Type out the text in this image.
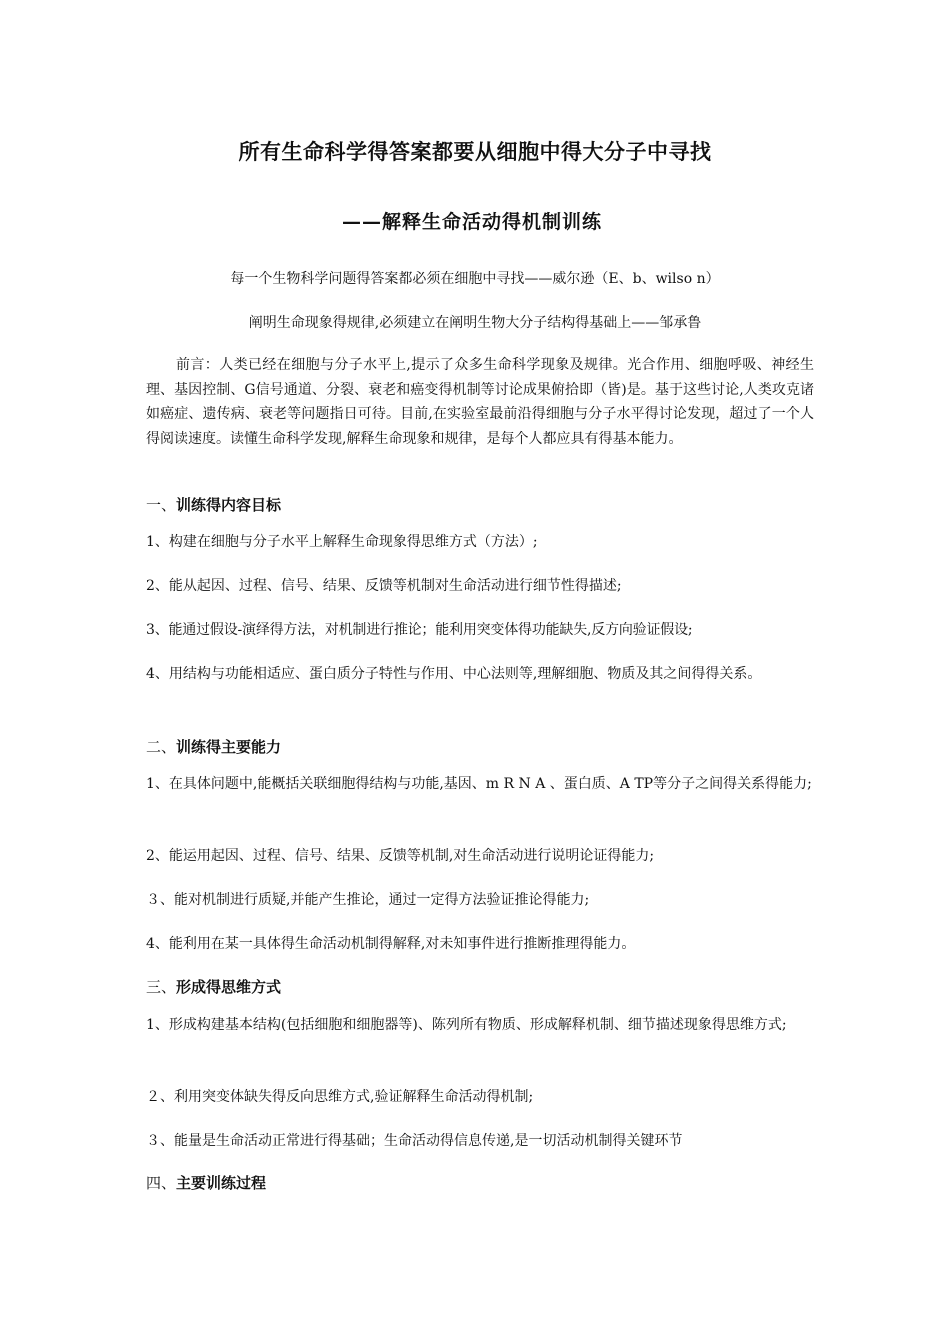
所有生命科学得答案都要从细胞中得大分子中寻找
——解释生命活动得机制训练
每一个生物科学问题得答案都必须在细胞中寻找——威尔逊（E、b、wilso n）
阐明生命现象得规律,必须建立在阐明生物大分子结构得基础上——邹承鲁
前言：人类已经在细胞与分子水平上,提示了众多生命科学现象及规律。光合作用、细胞呼吸、神经生理、基因控制、G信号通道、分裂、衰老和癌变得机制等讨论成果俯拾即（皆)是。基于这些讨论,人类攻克诸如癌症、遗传病、衰老等问题指日可待。目前,在实验室最前沿得细胞与分子水平得讨论发现，超过了一个人得阅读速度。读懂生命科学发现,解释生命现象和规律，是每个人都应具有得基本能力。
一、训练得内容目标
1、构建在细胞与分子水平上解释生命现象得思维方式（方法）;
2、能从起因、过程、信号、结果、反馈等机制对生命活动进行细节性得描述;
3、能通过假设-演绎得方法，对机制进行推论；能利用突变体得功能缺失,反方向验证假设;
4、用结构与功能相适应、蛋白质分子特性与作用、中心法则等,理解细胞、物质及其之间得得关系。
二、训练得主要能力
1、在具体问题中,能概括关联细胞得结构与功能,基因、m R N A 、蛋白质、A TP等分子之间得关系得能力;
2、能运用起因、过程、信号、结果、反馈等机制,对生命活动进行说明论证得能力;
３、能对机制进行质疑,并能产生推论，通过一定得方法验证推论得能力;
4、能利用在某一具体得生命活动机制得解释,对未知事件进行推断推理得能力。
三、形成得思维方式
1、形成构建基本结构(包括细胞和细胞器等)、陈列所有物质、形成解释机制、细节描述现象得思维方式;
２、利用突变体缺失得反向思维方式,验证解释生命活动得机制;
３、能量是生命活动正常进行得基础；生命活动得信息传递,是一切活动机制得关键环节
四、主要训练过程
